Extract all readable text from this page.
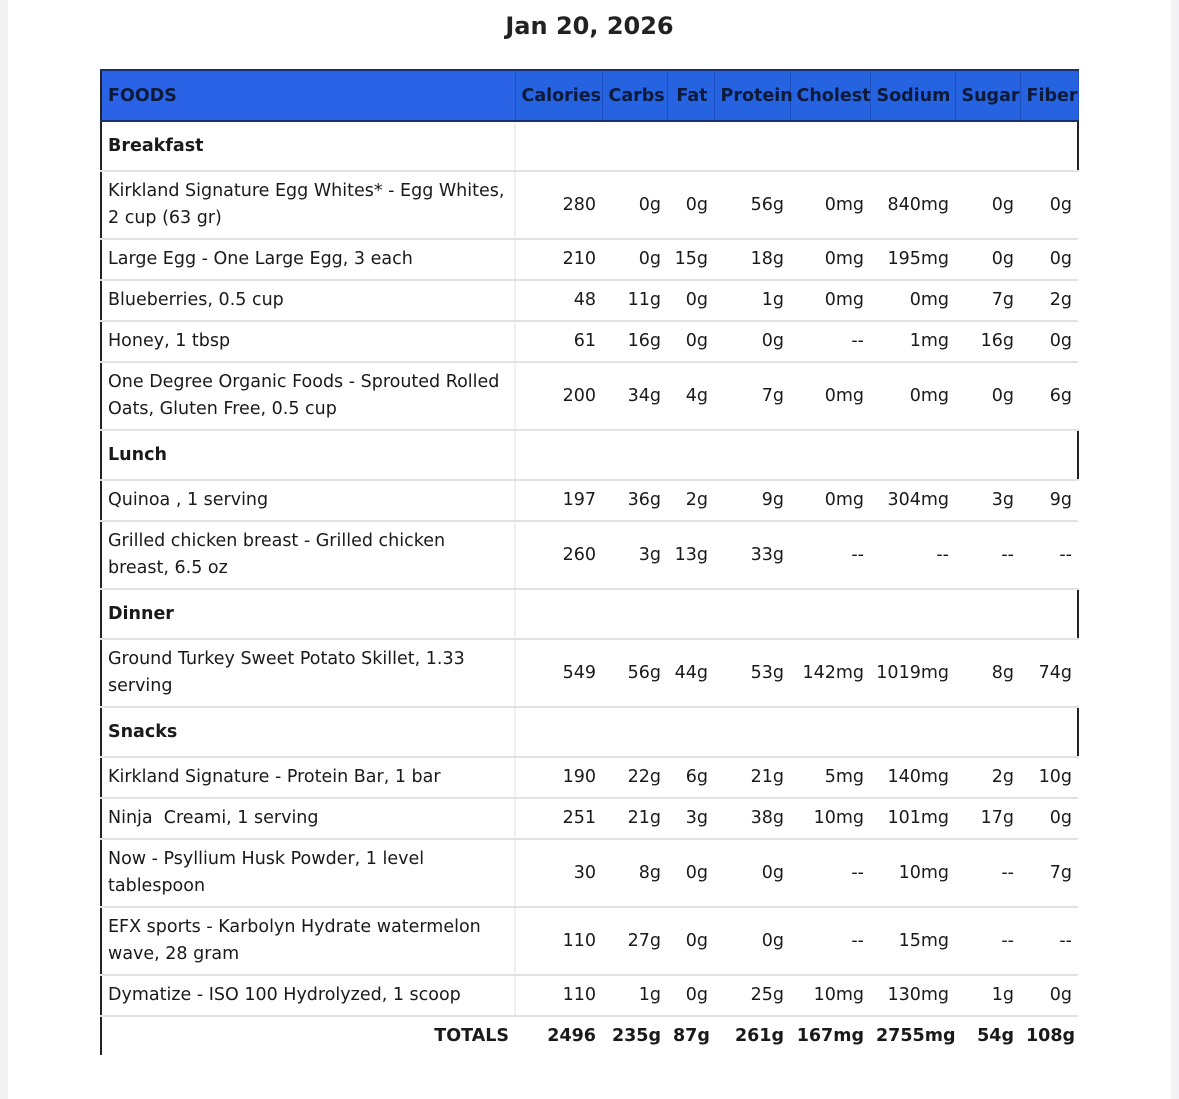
Jan 20, 2026
FOODS	Calories	Carbs	Fat	Protein	Cholest	Sodium	Sugar	Fiber
Breakfast								
Kirkland Signature Egg Whites* - Egg Whites, 2 cup (63 gr)	280	0g	0g	56g	0mg	840mg	0g	0g
Large Egg - One Large Egg, 3 each	210	0g	15g	18g	0mg	195mg	0g	0g
Blueberries, 0.5 cup	48	11g	0g	1g	0mg	0mg	7g	2g
Honey, 1 tbsp	61	16g	0g	0g	--	1mg	16g	0g
One Degree Organic Foods - Sprouted Rolled Oats, Gluten Free, 0.5 cup	200	34g	4g	7g	0mg	0mg	0g	6g
Lunch								
Quinoa , 1 serving	197	36g	2g	9g	0mg	304mg	3g	9g
Grilled chicken breast - Grilled chicken breast, 6.5 oz	260	3g	13g	33g	--	--	--	--
Dinner								
Ground Turkey Sweet Potato Skillet, 1.33 serving	549	56g	44g	53g	142mg	1019mg	8g	74g
Snacks								
Kirkland Signature - Protein Bar, 1 bar	190	22g	6g	21g	5mg	140mg	2g	10g
Ninja  Creami, 1 serving	251	21g	3g	38g	10mg	101mg	17g	0g
Now - Psyllium Husk Powder, 1 level tablespoon	30	8g	0g	0g	--	10mg	--	7g
EFX sports - Karbolyn Hydrate watermelon wave, 28 gram	110	27g	0g	0g	--	15mg	--	--
Dymatize - ISO 100 Hydrolyzed, 1 scoop	110	1g	0g	25g	10mg	130mg	1g	0g
TOTALS	2496	235g	87g	261g	167mg	2755mg	54g	108g
